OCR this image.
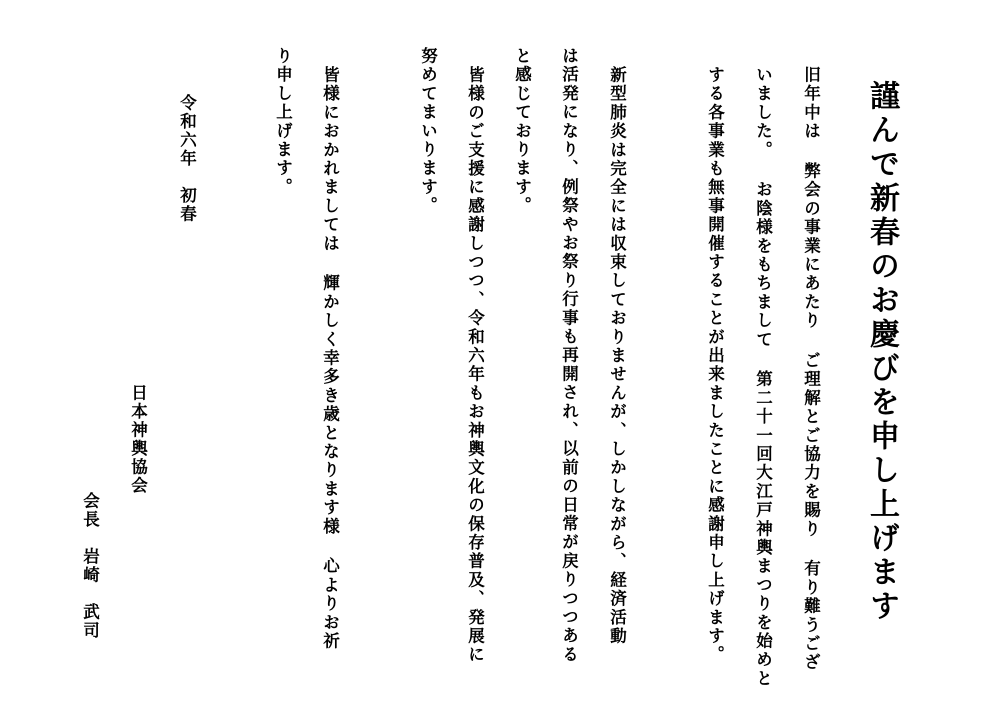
謹んで新春のお慶びを申し上げます
旧年中は 弊会の事業にあたり ご理解とご協力を賜り 有り難うござ
いました。 お陰様をもちまして 第二十一回大江戸神輿まつりを始めと
する各事業も無事開催することが出来ましたことに感謝申し上げます。
新型肺炎は完全には収束しておりませんが、しかしながら、経済活動
は活発になり、例祭やお祭り行事も再開され、以前の日常が戻りつつある
と感じております。
皆様のご支援に感謝しつつ、令和六年もお神輿文化の保存普及、発展に
努めてまいります。
皆様におかれましては 輝かしく幸多き歳となります様 心よりお祈
り申し上げます。
令和六年　初春
日本神輿協会
会長　岩崎　武司
